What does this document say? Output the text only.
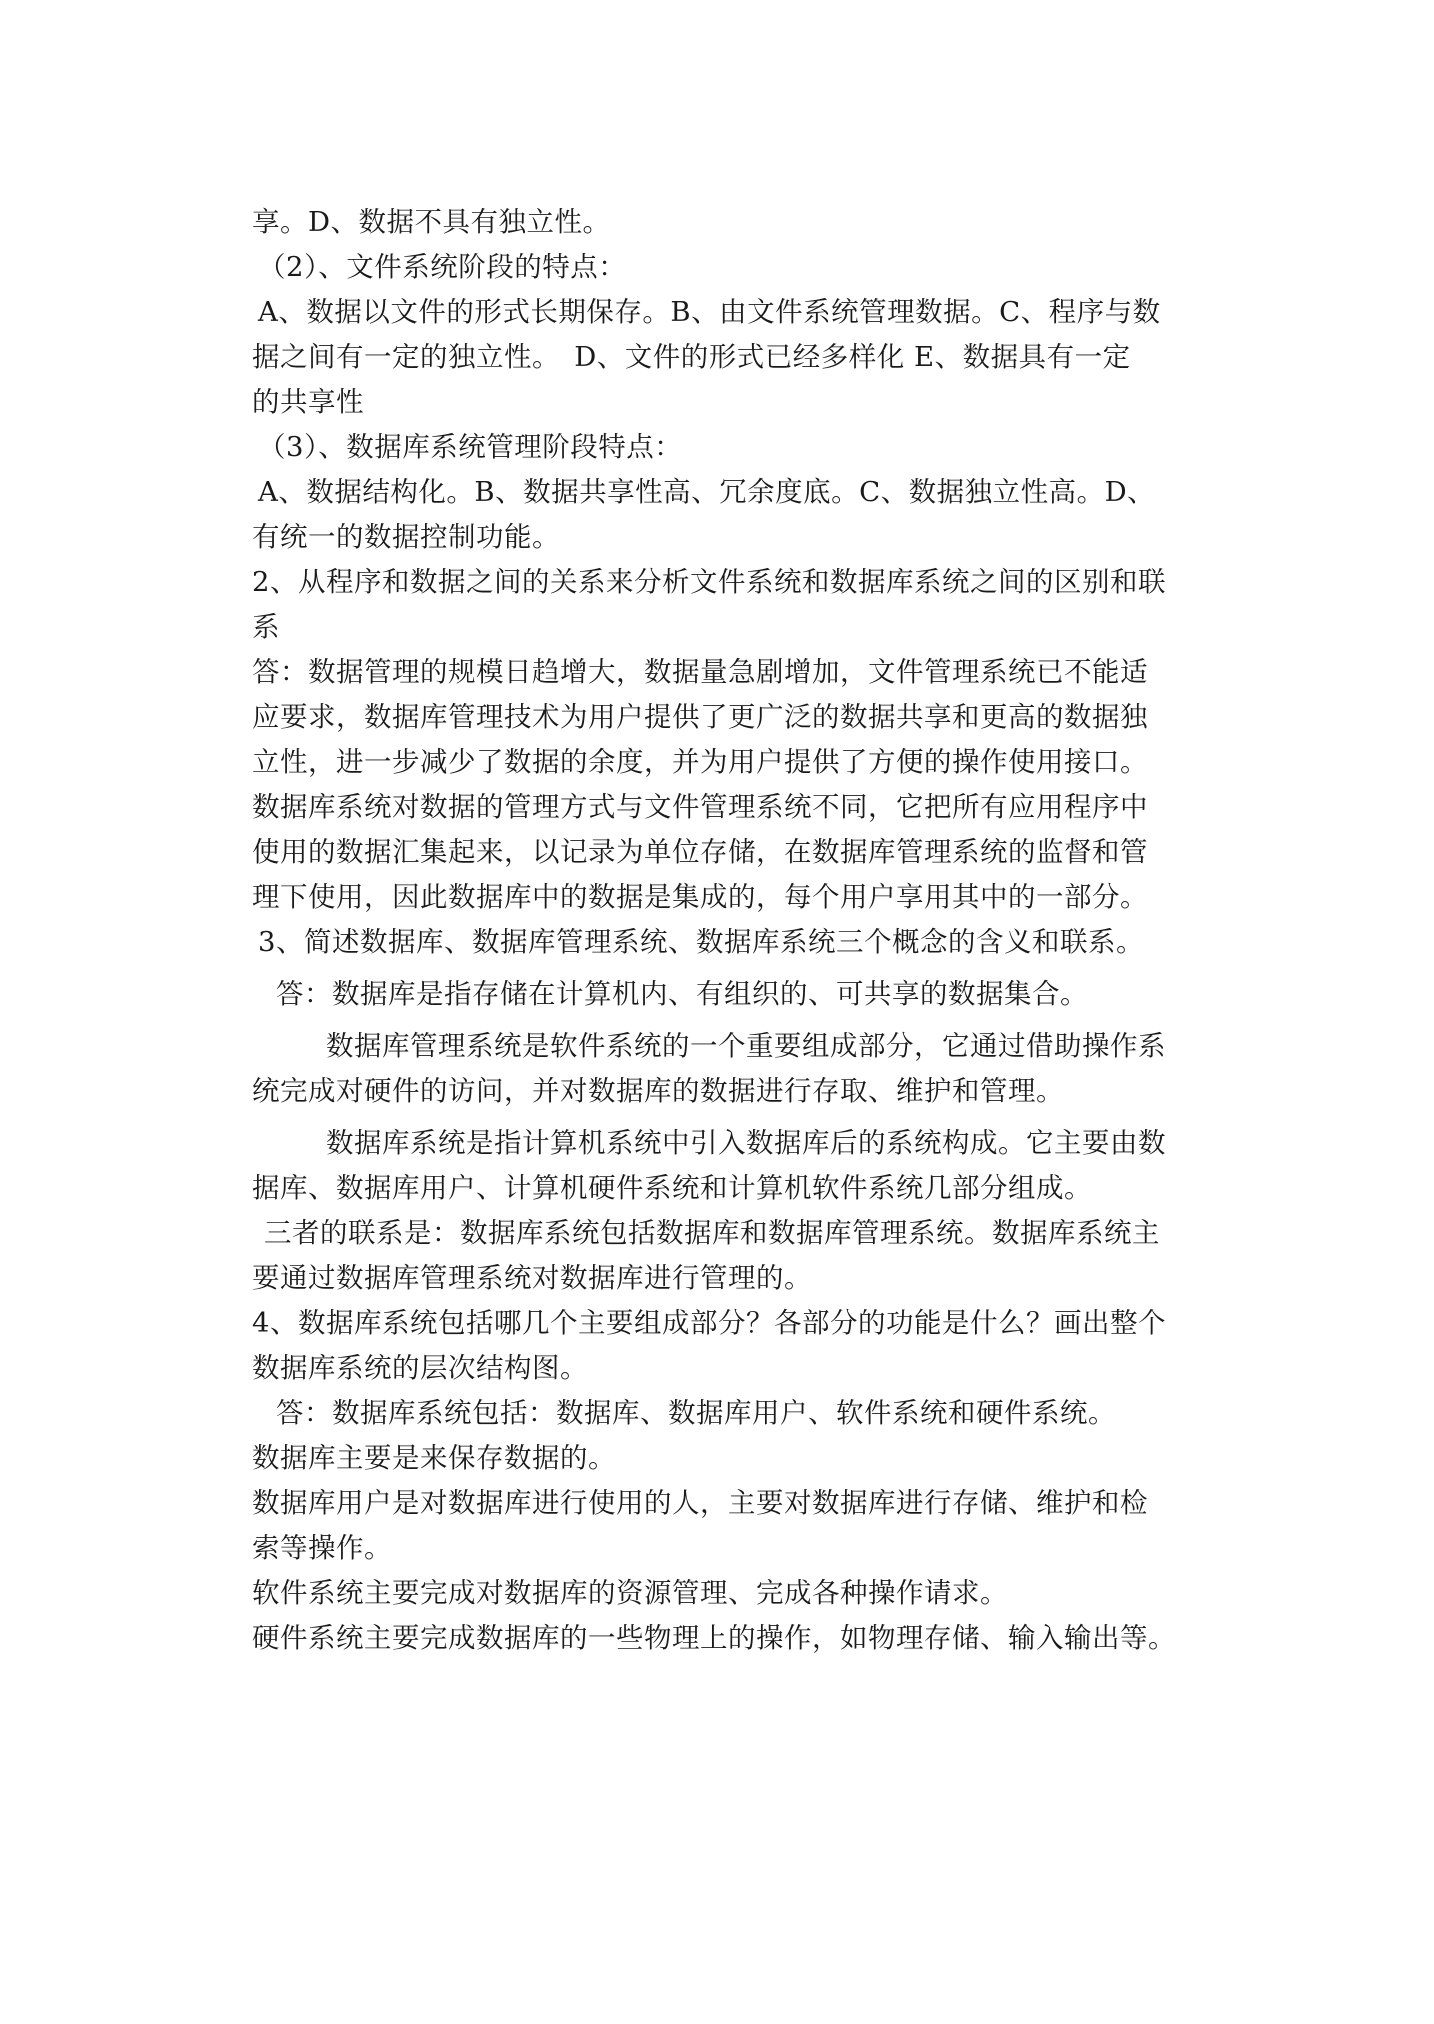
享。D、数据不具有独立性。
（2）、文件系统阶段的特点：
A、数据以文件的形式长期保存。B、由文件系统管理数据。C、程序与数
据之间有一定的独立性。　D、文件的形式已经多样化 E、数据具有一定
的共享性
（3）、数据库系统管理阶段特点：
A、数据结构化。B、数据共享性高、冗余度底。C、数据独立性高。D、
有统一的数据控制功能。
2、从程序和数据之间的关系来分析文件系统和数据库系统之间的区别和联
系
答：数据管理的规模日趋增大，数据量急剧增加，文件管理系统已不能适
应要求，数据库管理技术为用户提供了更广泛的数据共享和更高的数据独
立性，进一步减少了数据的余度，并为用户提供了方便的操作使用接口。
数据库系统对数据的管理方式与文件管理系统不同，它把所有应用程序中
使用的数据汇集起来，以记录为单位存储，在数据库管理系统的监督和管
理下使用，因此数据库中的数据是集成的，每个用户享用其中的一部分。
3、简述数据库、数据库管理系统、数据库系统三个概念的含义和联系。
答：数据库是指存储在计算机内、有组织的、可共享的数据集合。
数据库管理系统是软件系统的一个重要组成部分，它通过借助操作系
统完成对硬件的访问，并对数据库的数据进行存取、维护和管理。
数据库系统是指计算机系统中引入数据库后的系统构成。它主要由数
据库、数据库用户、计算机硬件系统和计算机软件系统几部分组成。
三者的联系是：数据库系统包括数据库和数据库管理系统。数据库系统主
要通过数据库管理系统对数据库进行管理的。
4、数据库系统包括哪几个主要组成部分？各部分的功能是什么？画出整个
数据库系统的层次结构图。
答：数据库系统包括：数据库、数据库用户、软件系统和硬件系统。
数据库主要是来保存数据的。
数据库用户是对数据库进行使用的人，主要对数据库进行存储、维护和检
索等操作。
软件系统主要完成对数据库的资源管理、完成各种操作请求。
硬件系统主要完成数据库的一些物理上的操作，如物理存储、输入输出等。
